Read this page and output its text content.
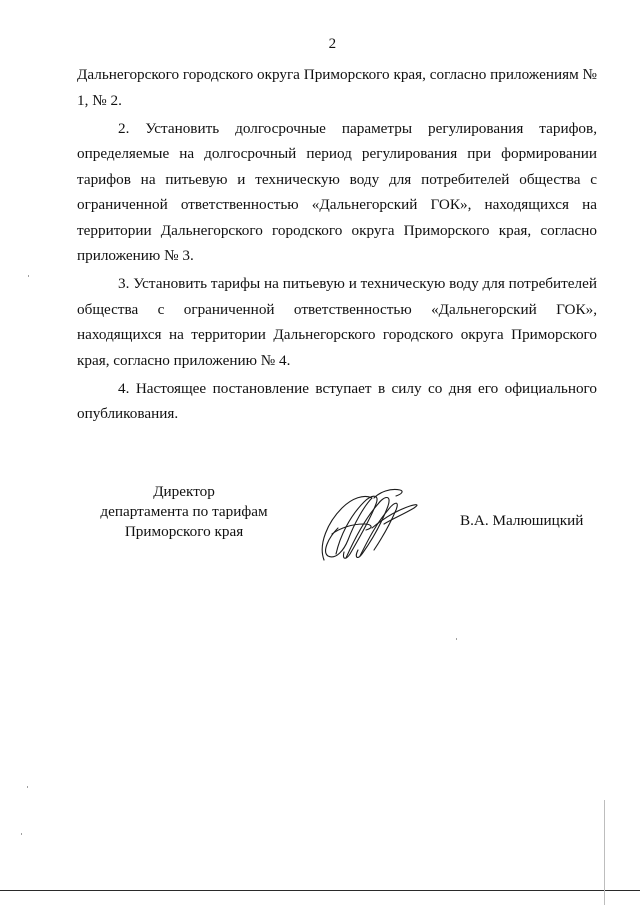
2

Дальнегорского городского округа Приморского края, согласно приложениям № 1, № 2.

2. Установить долгосрочные параметры регулирования тарифов, определяемые на долгосрочный период регулирования при формировании тарифов на питьевую и техническую воду для потребителей общества с ограниченной ответственностью «Дальнегорский ГОК», находящихся на территории Дальнегорского городского округа Приморского края, согласно приложению № 3.

3. Установить тарифы на питьевую и техническую воду для потребителей общества с ограниченной ответственностью «Дальнегорский ГОК», находящихся на территории Дальнегорского городского округа Приморского края, согласно приложению № 4.

4. Настоящее постановление вступает в силу со дня его официального опубликования.

Директор
департамента по тарифам
Приморского края
В.А. Малюшицкий
